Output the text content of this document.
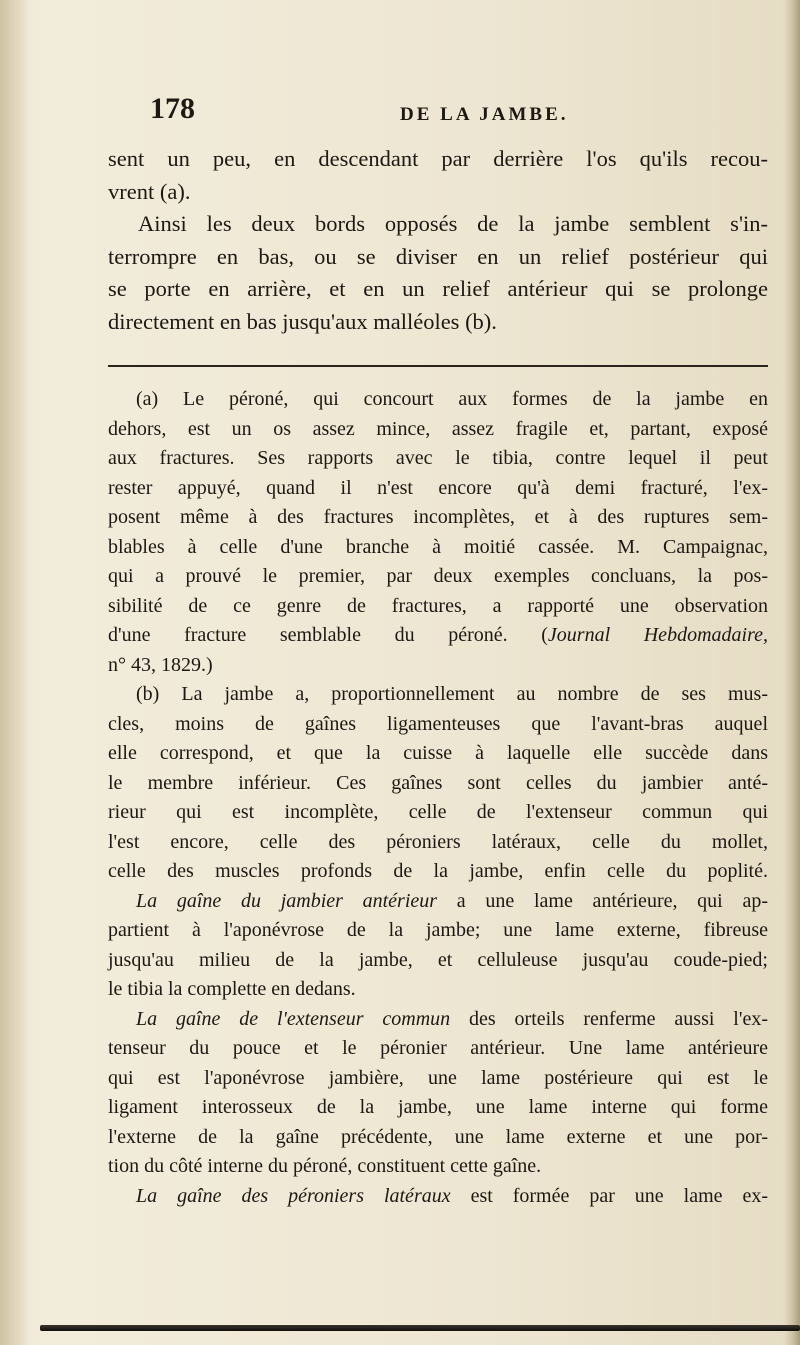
178	DE LA JAMBE.
sent un peu, en descendant par derrière l'os qu'ils recou-
vrent (a).
Ainsi les deux bords opposés de la jambe semblent s'in-
terrompre en bas, ou se diviser en un relief postérieur qui
se porte en arrière, et en un relief antérieur qui se prolonge
directement en bas jusqu'aux malléoles (b).
(a) Le péroné, qui concourt aux formes de la jambe en
dehors, est un os assez mince, assez fragile et, partant, exposé
aux fractures. Ses rapports avec le tibia, contre lequel il peut
rester appuyé, quand il n'est encore qu'à demi fracturé, l'ex-
posent même à des fractures incomplètes, et à des ruptures sem-
blables à celle d'une branche à moitié cassée. M. Campaignac,
qui a prouvé le premier, par deux exemples concluans, la pos-
sibilité de ce genre de fractures, a rapporté une observation
d'une fracture semblable du péroné. (Journal Hebdomadaire,
n° 43, 1829.)
(b) La jambe a, proportionnellement au nombre de ses mus-
cles, moins de gaînes ligamenteuses que l'avant-bras auquel
elle correspond, et que la cuisse à laquelle elle succède dans
le membre inférieur. Ces gaînes sont celles du jambier anté-
rieur qui est incomplète, celle de l'extenseur commun qui
l'est encore, celle des péroniers latéraux, celle du mollet,
celle des muscles profonds de la jambe, enfin celle du poplité.
La gaîne du jambier antérieur a une lame antérieure, qui ap-
partient à l'aponévrose de la jambe; une lame externe, fibreuse
jusqu'au milieu de la jambe, et celluleuse jusqu'au coude-pied;
le tibia la complette en dedans.
La gaîne de l'extenseur commun des orteils renferme aussi l'ex-
tenseur du pouce et le péronier antérieur. Une lame antérieure
qui est l'aponévrose jambière, une lame postérieure qui est le
ligament interosseux de la jambe, une lame interne qui forme
l'externe de la gaîne précédente, une lame externe et une por-
tion du côté interne du péroné, constituent cette gaîne.
La gaîne des péroniers latéraux est formée par une lame ex-
